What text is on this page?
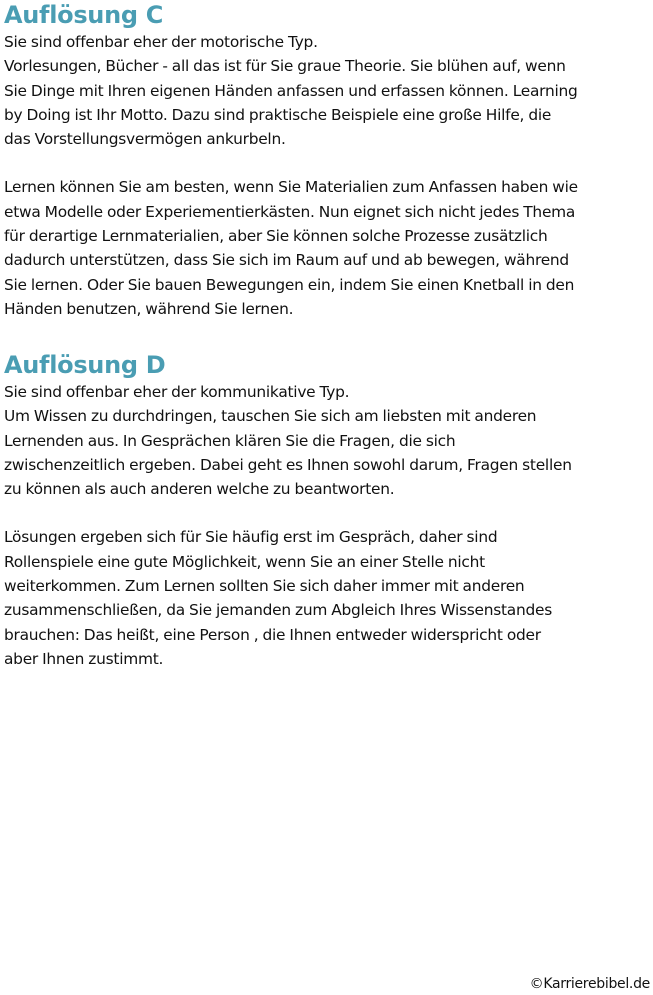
Auflösung C

Sie sind offenbar eher der motorische Typ.
Vorlesungen, Bücher - all das ist für Sie graue Theorie. Sie blühen auf, wenn
Sie Dinge mit Ihren eigenen Händen anfassen und erfassen können. Learning
by Doing ist Ihr Motto. Dazu sind praktische Beispiele eine große Hilfe, die
das Vorstellungsvermögen ankurbeln.

Lernen können Sie am besten, wenn Sie Materialien zum Anfassen haben wie
etwa Modelle oder Experiementierkästen. Nun eignet sich nicht jedes Thema
für derartige Lernmaterialien, aber Sie können solche Prozesse zusätzlich
dadurch unterstützen, dass Sie sich im Raum auf und ab bewegen, während
Sie lernen. Oder Sie bauen Bewegungen ein, indem Sie einen Knetball in den
Händen benutzen, während Sie lernen.

Auflösung D

Sie sind offenbar eher der kommunikative Typ.
Um Wissen zu durchdringen, tauschen Sie sich am liebsten mit anderen
Lernenden aus. In Gesprächen klären Sie die Fragen, die sich
zwischenzeitlich ergeben. Dabei geht es Ihnen sowohl darum, Fragen stellen
zu können als auch anderen welche zu beantworten.

Lösungen ergeben sich für Sie häufig erst im Gespräch, daher sind
Rollenspiele eine gute Möglichkeit, wenn Sie an einer Stelle nicht
weiterkommen. Zum Lernen sollten Sie sich daher immer mit anderen
zusammenschließen, da Sie jemanden zum Abgleich Ihres Wissenstandes
brauchen: Das heißt, eine Person , die Ihnen entweder widerspricht oder
aber Ihnen zustimmt.

©Karrierebibel.de
